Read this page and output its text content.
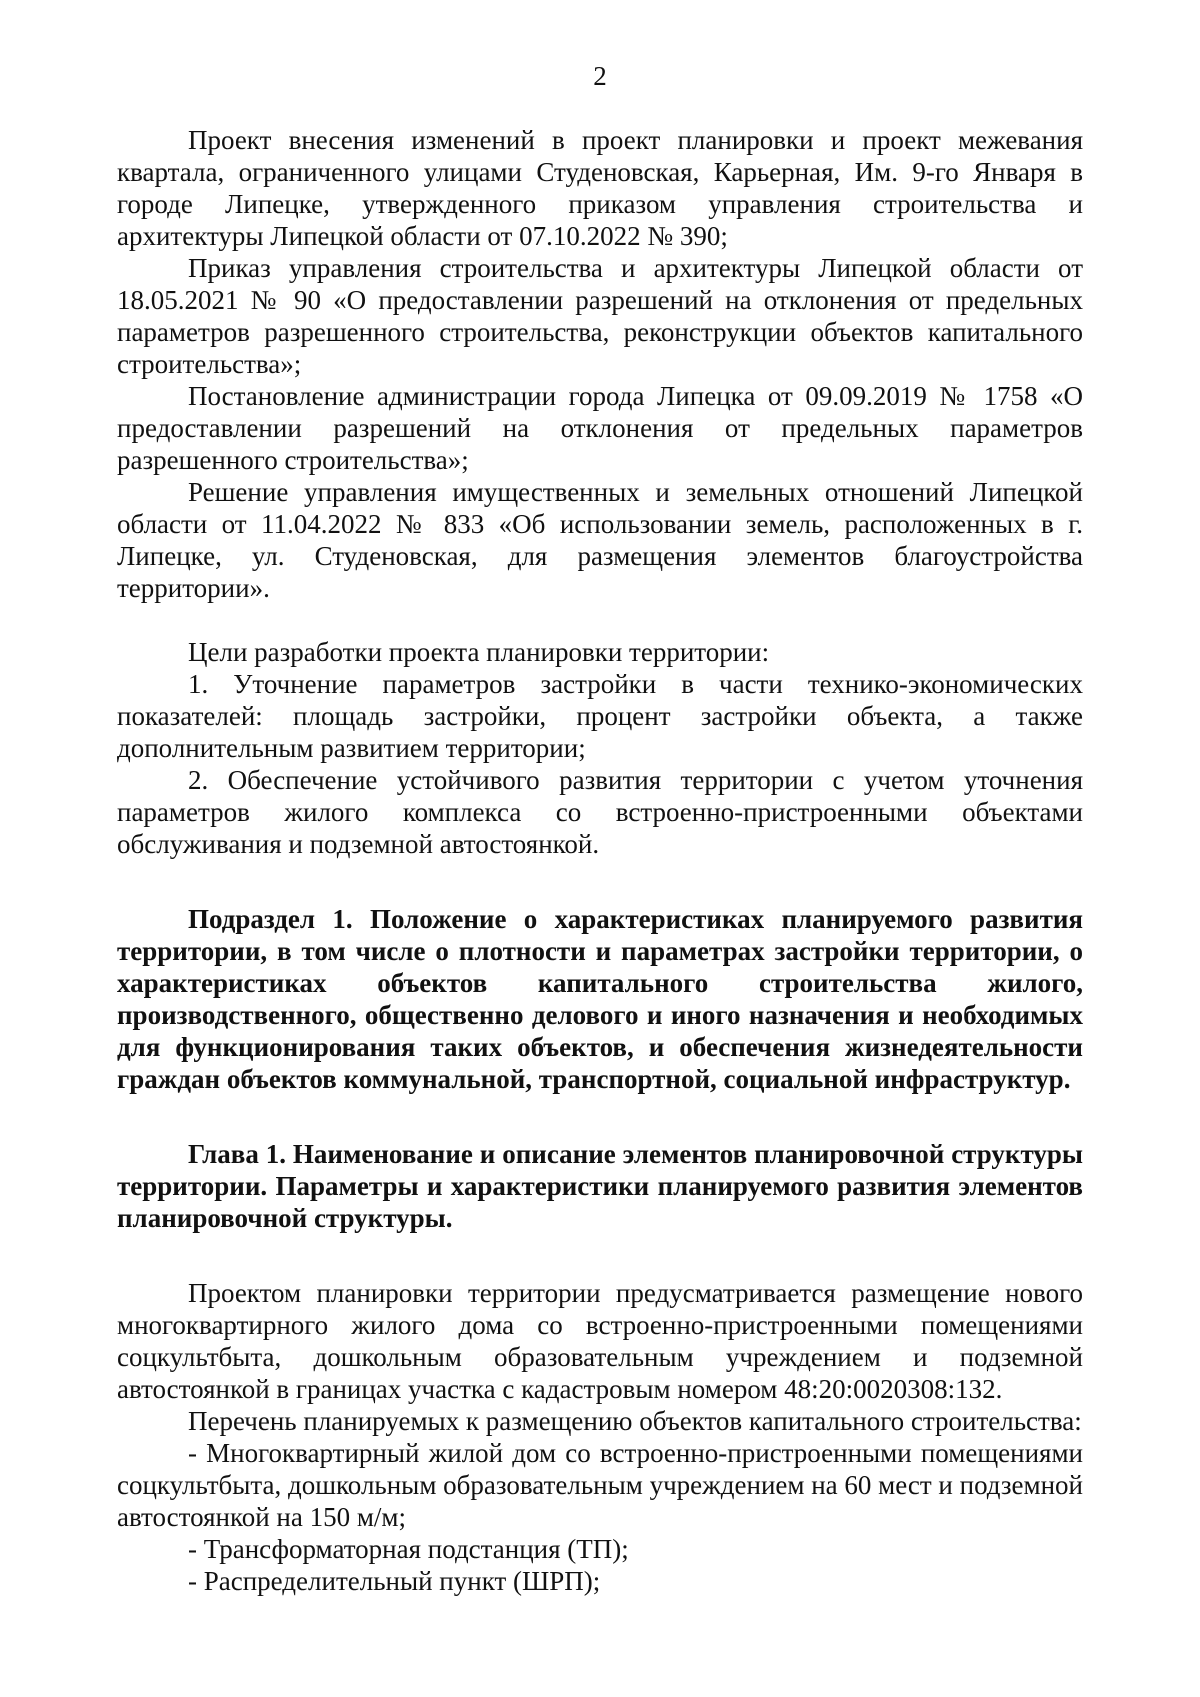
2

Проект внесения изменений в проект планировки и проект межевания квартала, ограниченного улицами Студеновская, Карьерная, Им. 9-го Января в городе Липецке, утвержденного приказом управления строительства и архитектуры Липецкой области от 07.10.2022 № 390;

Приказ управления строительства и архитектуры Липецкой области от 18.05.2021 № 90 «О предоставлении разрешений на отклонения от предельных параметров разрешенного строительства, реконструкции объектов капитального строительства»;

Постановление администрации города Липецка от 09.09.2019 № 1758 «О предоставлении разрешений на отклонения от предельных параметров разрешенного строительства»;

Решение управления имущественных и земельных отношений Липецкой области от 11.04.2022 № 833 «Об использовании земель, расположенных в г. Липецке, ул. Студеновская, для размещения элементов благоустройства территории».

Цели разработки проекта планировки территории:

1. Уточнение параметров застройки в части технико-экономических показателей: площадь застройки, процент застройки объекта, а также дополнительным развитием территории;

2. Обеспечение устойчивого развития территории с учетом уточнения параметров жилого комплекса со встроенно-пристроенными объектами обслуживания и подземной автостоянкой.

Подраздел 1. Положение о характеристиках планируемого развития территории, в том числе о плотности и параметрах застройки территории, о характеристиках объектов капитального строительства жилого, производственного, общественно делового и иного назначения и необходимых для функционирования таких объектов, и обеспечения жизнедеятельности граждан объектов коммунальной, транспортной, социальной инфраструктур.

Глава 1. Наименование и описание элементов планировочной структуры территории. Параметры и характеристики планируемого развития элементов планировочной структуры.

Проектом планировки территории предусматривается размещение нового многоквартирного жилого дома со встроенно-пристроенными помещениями соцкультбыта, дошкольным образовательным учреждением и подземной автостоянкой в границах участка с кадастровым номером 48:20:0020308:132.

Перечень планируемых к размещению объектов капитального строительства:

- Многоквартирный жилой дом со встроенно-пристроенными помещениями соцкультбыта, дошкольным образовательным учреждением на 60 мест и подземной автостоянкой на 150 м/м;

- Трансформаторная подстанция (ТП);

- Распределительный пункт (ШРП);
